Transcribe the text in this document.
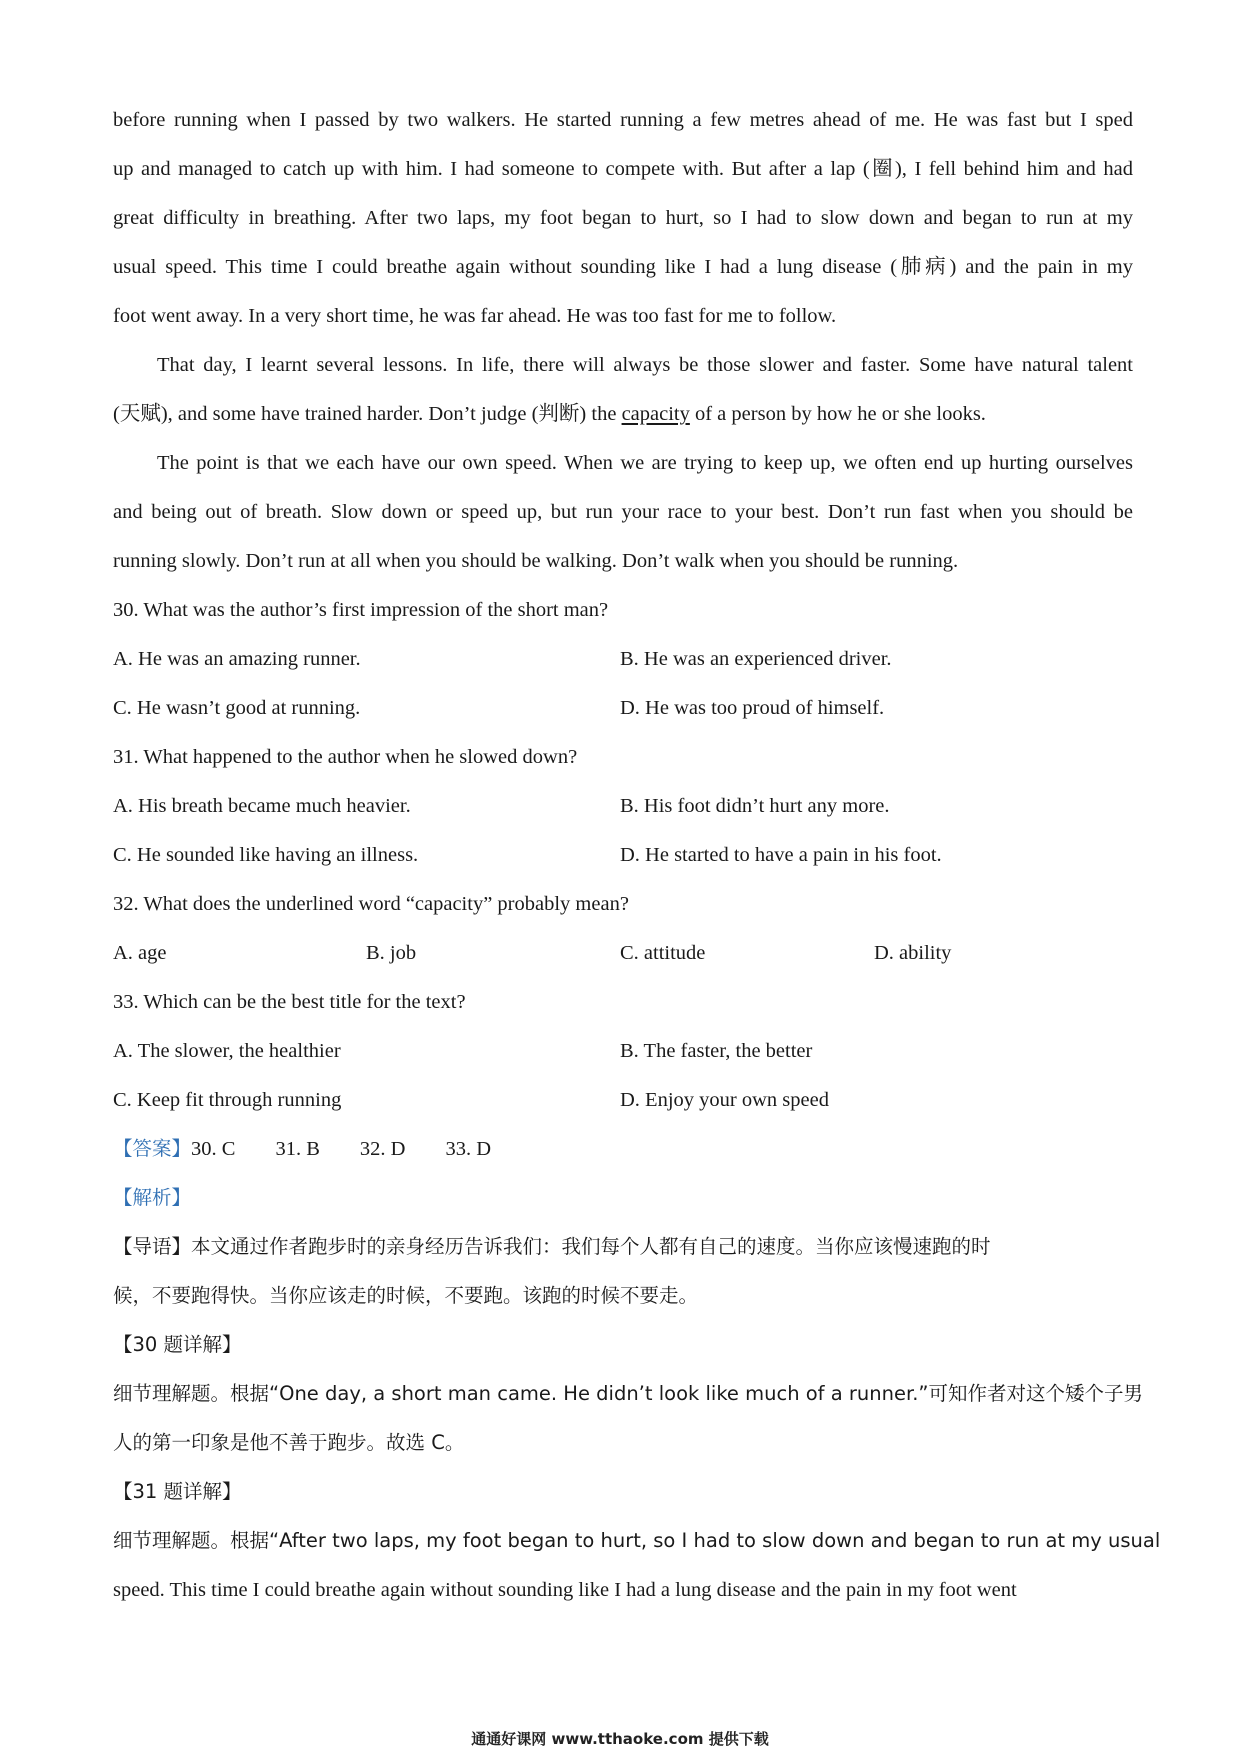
before running when I passed by two walkers. He started running a few metres ahead of me. He was fast but I sped
up and managed to catch up with him. I had someone to compete with. But after a lap (圈), I fell behind him and had
great difficulty in breathing. After two laps, my foot began to hurt, so I had to slow down and began to run at my
usual speed. This time I could breathe again without sounding like I had a lung disease (肺病) and the pain in my
foot went away. In a very short time, he was far ahead. He was too fast for me to follow.
That day, I learnt several lessons. In life, there will always be those slower and faster. Some have natural talent
(天赋), and some have trained harder. Don’t judge (判断) the capacity of a person by how he or she looks.
The point is that we each have our own speed. When we are trying to keep up, we often end up hurting ourselves
and being out of breath. Slow down or speed up, but run your race to your best. Don’t run fast when you should be
running slowly. Don’t run at all when you should be walking. Don’t walk when you should be running.
30. What was the author’s first impression of the short man?
A. He was an amazing runner.	B. He was an experienced driver.
C. He wasn’t good at running.	D. He was too proud of himself.
31. What happened to the author when he slowed down?
A. His breath became much heavier.	B. His foot didn’t hurt any more.
C. He sounded like having an illness.	D. He started to have a pain in his foot.
32. What does the underlined word “capacity” probably mean?
A. age	B. job	C. attitude	D. ability
33. Which can be the best title for the text?
A. The slower, the healthier	B. The faster, the better
C. Keep fit through running	D. Enjoy your own speed
【答案】30. C 31. B 32. D 33. D
【解析】
【导语】本文通过作者跑步时的亲身经历告诉我们：我们每个人都有自己的速度。当你应该慢速跑的时
候，不要跑得快。当你应该走的时候，不要跑。该跑的时候不要走。
【30 题详解】
细节理解题。根据“One day, a short man came. He didn’t look like much of a runner.”可知作者对这个矮个子男
人的第一印象是他不善于跑步。故选 C。
【31 题详解】
细节理解题。根据“After two laps, my foot began to hurt, so I had to slow down and began to run at my usual
speed. This time I could breathe again without sounding like I had a lung disease and the pain in my foot went
通通好课网 www.tthaoke.com 提供下载
